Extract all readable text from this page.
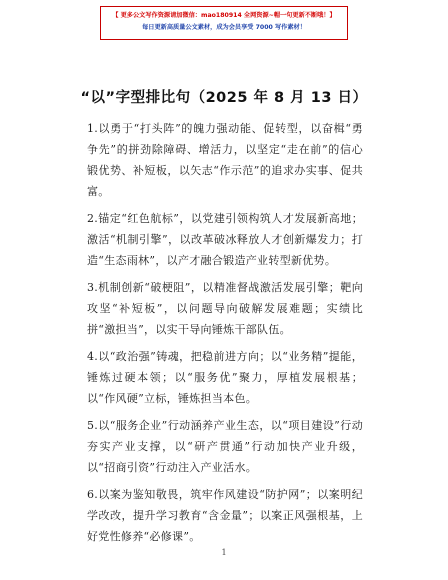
【 更多公文写作资源请加微信：mao180914 全网资源~帽一句更新不断哦！】
每日更新高质量公文素材，成为会员享受 7000 写作素材！
“以”字型排比句（2025 年 8 月 13 日）

1.以勇于“打头阵”的魄力强动能、促转型，以奋楫“勇争先”的拼劲除障碍、增活力，以坚定“走在前”的信心锻优势、补短板，以矢志“作示范”的追求办实事、促共富。

2.锚定“红色航标”，以党建引领构筑人才发展新高地；激活“机制引擎”，以改革破冰释放人才创新爆发力；打造“生态雨林”，以产才融合锻造产业转型新优势。

3.机制创新“破梗阻”，以精准督战激活发展引擎；靶向攻坚“补短板”，以问题导向破解发展难题；实绩比拼“激担当”，以实干导向锤炼干部队伍。

4.以“政治强”铸魂，把稳前进方向；以“业务精”提能，锤炼过硬本领；以“服务优”聚力，厚植发展根基；以“作风硬”立标，锤炼担当本色。

5.以“服务企业”行动涵养产业生态，以“项目建设”行动夯实产业支撑，以“研产贯通”行动加快产业升级，以“招商引资”行动注入产业活水。

6.以案为鉴知敬畏，筑牢作风建设“防护网”；以案明纪学改改，提升学习教育“含金量”；以案正风强根基，上好党性修养“必修课”。

1
